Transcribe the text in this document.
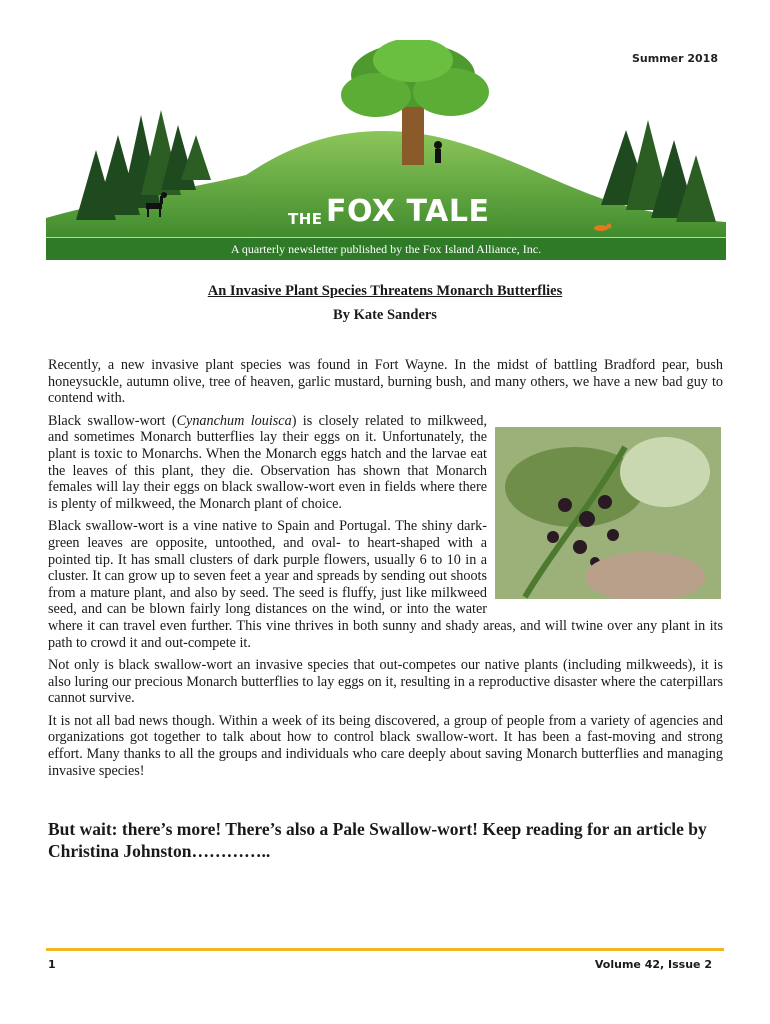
Summer 2018
THE FOX TALE
A quarterly newsletter published by the Fox Island Alliance, Inc.
An Invasive Plant Species Threatens Monarch Butterflies
By Kate Sanders

Recently, a new invasive plant species was found in Fort Wayne. In the midst of battling Bradford pear, bush honeysuckle, autumn olive, tree of heaven, garlic mustard, burning bush, and many others, we have a new bad guy to contend with.

Black swallow-wort (Cynanchum louisca) is closely related to milkweed, and sometimes Monarch butterflies lay their eggs on it. Unfortunately, the plant is toxic to Monarchs. When the Monarch eggs hatch and the larvae eat the leaves of this plant, they die. Observation has shown that Monarch females will lay their eggs on black swallow-wort even in fields where there is plenty of milkweed, the Monarch plant of choice.

Black swallow-wort is a vine native to Spain and Portugal. The shiny dark-green leaves are opposite, untoothed, and oval- to heart-shaped with a pointed tip. It has small clusters of dark purple flowers, usually 6 to 10 in a cluster. It can grow up to seven feet a year and spreads by sending out shoots from a mature plant, and also by seed. The seed is fluffy, just like milkweed seed, and can be blown fairly long distances on the wind, or into the water where it can travel even further. This vine thrives in both sunny and shady areas, and will twine over any plant in its path to crowd it and out-compete it.

Not only is black swallow-wort an invasive species that out-competes our native plants (including milkweeds), it is also luring our precious Monarch butterflies to lay eggs on it, resulting in a reproductive disaster where the caterpillars cannot survive.

It is not all bad news though. Within a week of its being discovered, a group of people from a variety of agencies and organizations got together to talk about how to control black swallow-wort. It has been a fast-moving and strong effort. Many thanks to all the groups and individuals who care deeply about saving Monarch butterflies and managing invasive species!

But wait: there’s more! There’s also a Pale Swallow-wort! Keep reading for an article by Christina Johnston…………..
1	Volume 42, Issue 2
